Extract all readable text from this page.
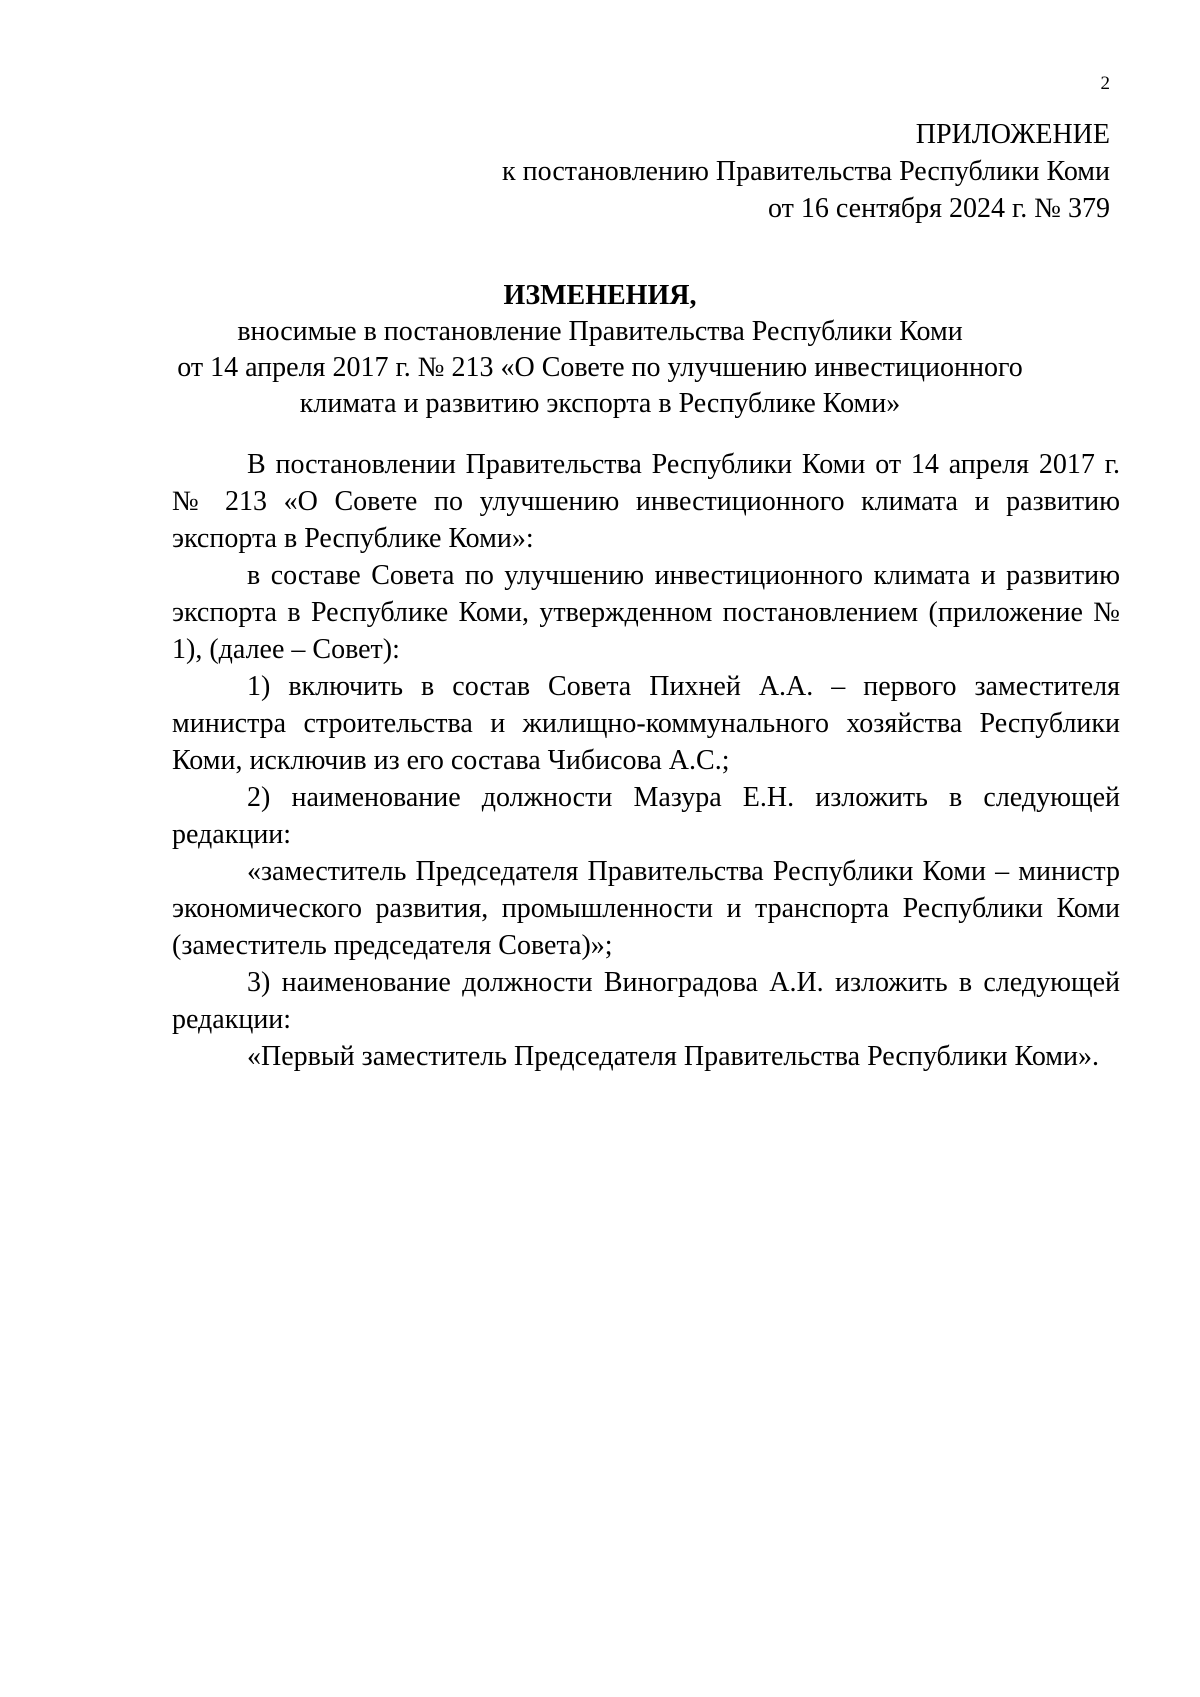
2
ПРИЛОЖЕНИЕ
к постановлению Правительства Республики Коми
от 16 сентября 2024 г. № 379
ИЗМЕНЕНИЯ,
вносимые в постановление Правительства Республики Коми
от 14 апреля 2017 г. № 213 «О Совете по улучшению инвестиционного
климата и развитию экспорта в Республике Коми»

В постановлении Правительства Республики Коми от 14 апреля 2017 г. № 213 «О Совете по улучшению инвестиционного климата и развитию экспорта в Республике Коми»:

в составе Совета по улучшению инвестиционного климата и развитию экспорта в Республике Коми, утвержденном постановлением (приложение № 1), (далее – Совет):

1) включить в состав Совета Пихней А.А. – первого заместителя министра строительства и жилищно-коммунального хозяйства Республики Коми, исключив из его состава Чибисова А.С.;

2) наименование должности Мазура Е.Н. изложить в следующей редакции:

«заместитель Председателя Правительства Республики Коми – министр экономического развития, промышленности и транспорта Республики Коми (заместитель председателя Совета)»;

3) наименование должности Виноградова А.И. изложить в следующей редакции:

«Первый заместитель Председателя Правительства Республики Коми».
